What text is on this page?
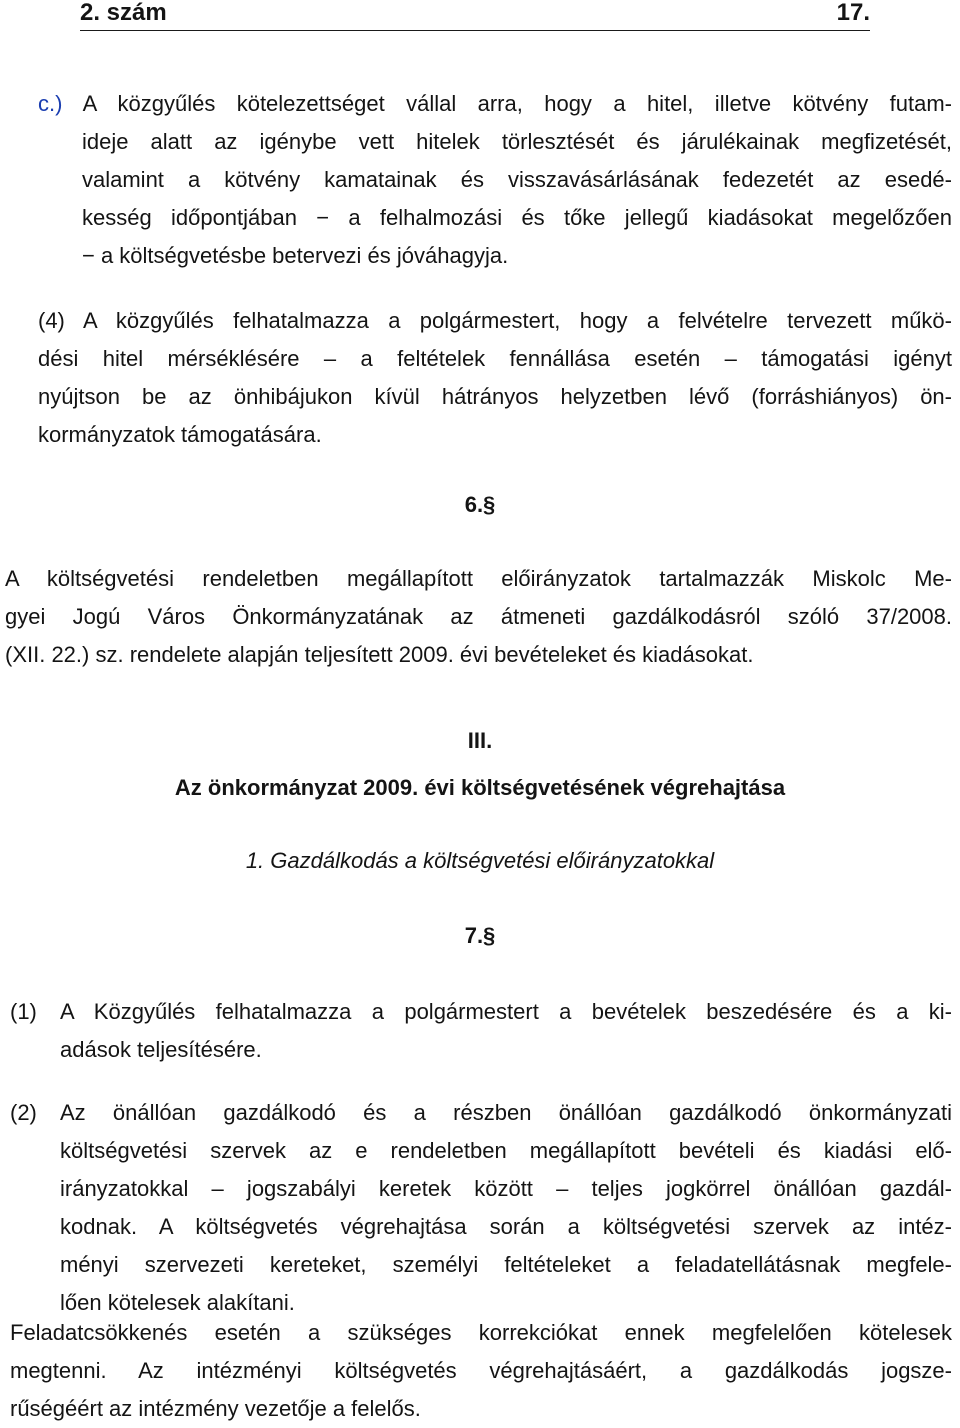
2. szám	17.
c.) A közgyűlés kötelezettséget vállal arra, hogy a hitel, illetve kötvény futam-
ideje alatt az igénybe vett hitelek törlesztését és járulékainak megfizetését,
valamint a kötvény kamatainak és visszavásárlásának fedezetét az esedé-
kesség időpontjában − a felhalmozási és tőke jellegű kiadásokat megelőzően
− a költségvetésbe betervezi és jóváhagyja.
(4) A közgyűlés felhatalmazza a polgármestert, hogy a felvételre tervezett műkö-
dési hitel mérséklésére – a feltételek fennállása esetén – támogatási igényt
nyújtson be az önhibájukon kívül hátrányos helyzetben lévő (forráshiányos) ön-
kormányzatok támogatására.
6.§
A költségvetési rendeletben megállapított előirányzatok tartalmazzák Miskolc Me-
gyei Jogú Város Önkormányzatának az átmeneti gazdálkodásról szóló 37/2008.
(XII. 22.) sz. rendelete alapján teljesített 2009. évi bevételeket és kiadásokat.
III.
Az önkormányzat 2009. évi költségvetésének végrehajtása
1. Gazdálkodás a költségvetési előirányzatokkal
7.§
(1) A Közgyűlés felhatalmazza a polgármestert a bevételek beszedésére és a ki-
adások teljesítésére.
(2) Az önállóan gazdálkodó és a részben önállóan gazdálkodó önkormányzati
költségvetési szervek az e rendeletben megállapított bevételi és kiadási elő-
irányzatokkal – jogszabályi keretek között – teljes jogkörrel önállóan gazdál-
kodnak. A költségvetés végrehajtása során a költségvetési szervek az intéz-
ményi szervezeti kereteket, személyi feltételeket a feladatellátásnak megfele-
lően kötelesek alakítani.
Feladatcsökkenés esetén a szükséges korrekciókat ennek megfelelően kötelesek
megtenni. Az intézményi költségvetés végrehajtásáért, a gazdálkodás jogsze-
rűségéért az intézmény vezetője a felelős.
